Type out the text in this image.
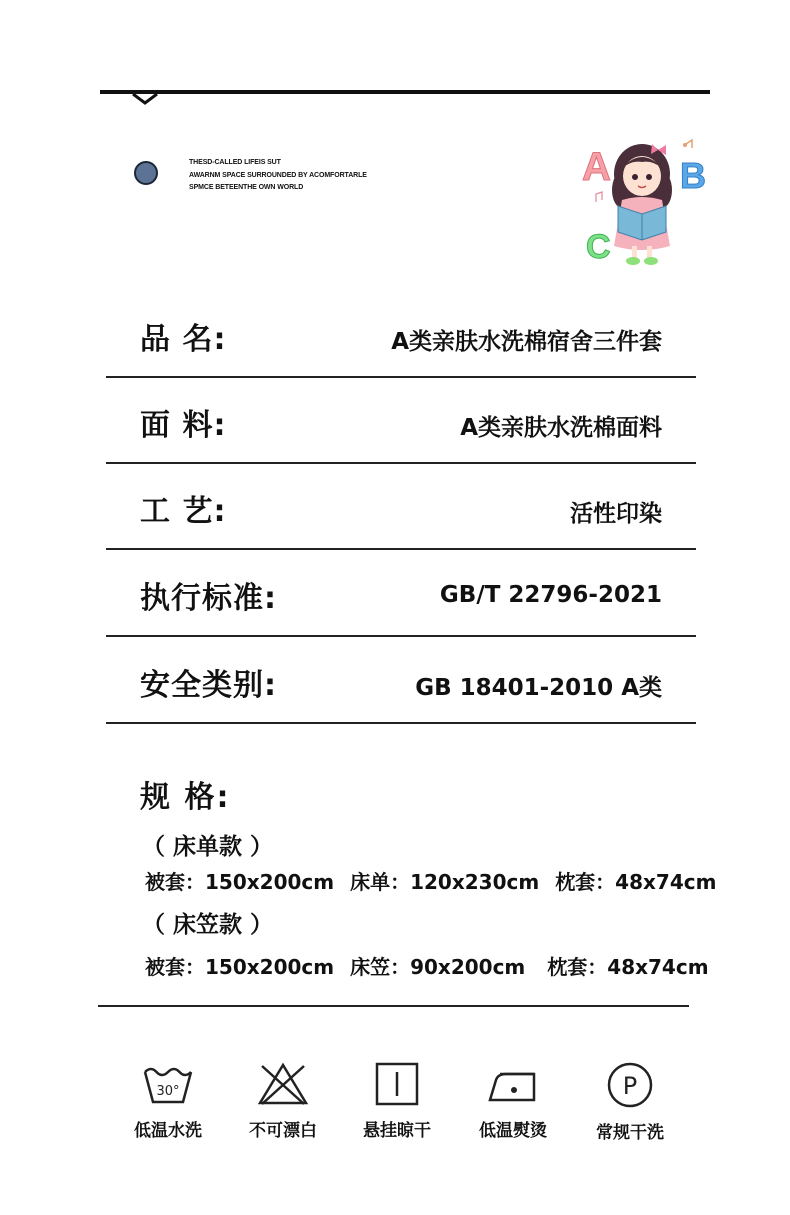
THESD-CALLED LIFEIS SUT
AWARNM SPACE SURROUNDED BY ACOMFORTARLE
SPMCE BETEENTHE OWN WORLD	A B
C
品 名:	A类亲肤水洗棉宿舍三件套
面 料:	A类亲肤水洗棉面料
工 艺:	活性印染
执行标准:	GB/T 22796-2021
安全类别:	GB 18401-2010 A类
规 格:
（ 床单款 ）
被套：150x200cm 床单：120x230cm 枕套：48x74cm
（ 床笠款 ）
被套：150x200cm 床笠：90x200cm 枕套：48x74cm
30°
低温水洗	不可漂白	悬挂晾干	低温熨烫
P
常规干洗
